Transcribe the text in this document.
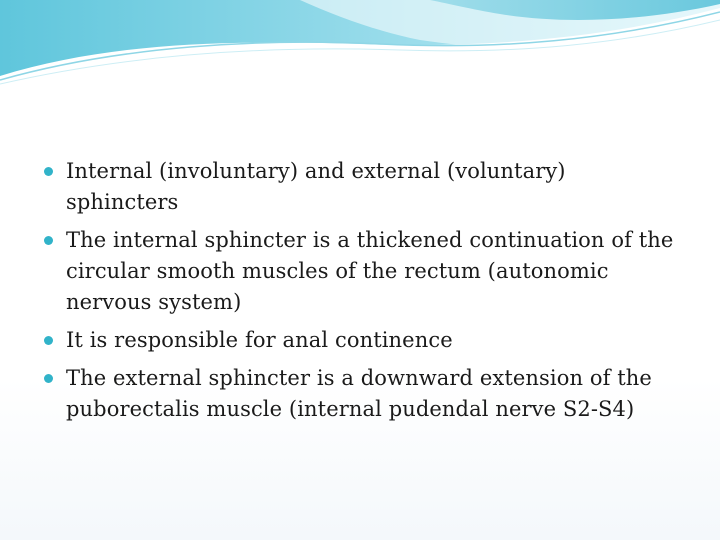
Internal (involuntary) and external (voluntary) sphincters
The internal sphincter is a thickened continuation of the circular smooth muscles of the rectum (autonomic nervous system)
It is responsible for anal continence
The external sphincter is a downward extension of the puborectalis muscle (internal pudendal nerve S2-S4)
